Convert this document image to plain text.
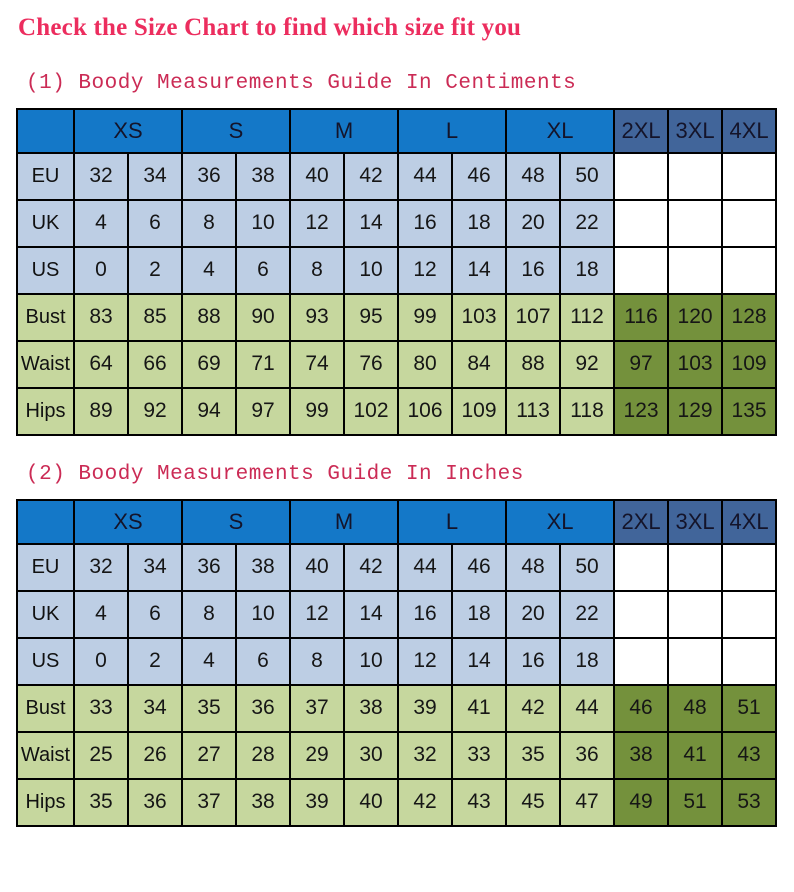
Check the Size Chart to find which size fit you
(1) Boody Measurements Guide In Centiments
	XS		S		M		L		XL		2XL	3XL	4XL
EU	32	34	36	38	40	42	44	46	48	50			
UK	4	6	8	10	12	14	16	18	20	22			
US	0	2	4	6	8	10	12	14	16	18			
Bust	83	85	88	90	93	95	99	103	107	112	116	120	128
Waist	64	66	69	71	74	76	80	84	88	92	97	103	109
Hips	89	92	94	97	99	102	106	109	113	118	123	129	135
(2) Boody Measurements Guide In Inches
	XS		S		M		L		XL		2XL	3XL	4XL
EU	32	34	36	38	40	42	44	46	48	50			
UK	4	6	8	10	12	14	16	18	20	22			
US	0	2	4	6	8	10	12	14	16	18			
Bust	33	34	35	36	37	38	39	41	42	44	46	48	51
Waist	25	26	27	28	29	30	32	33	35	36	38	41	43
Hips	35	36	37	38	39	40	42	43	45	47	49	51	53
